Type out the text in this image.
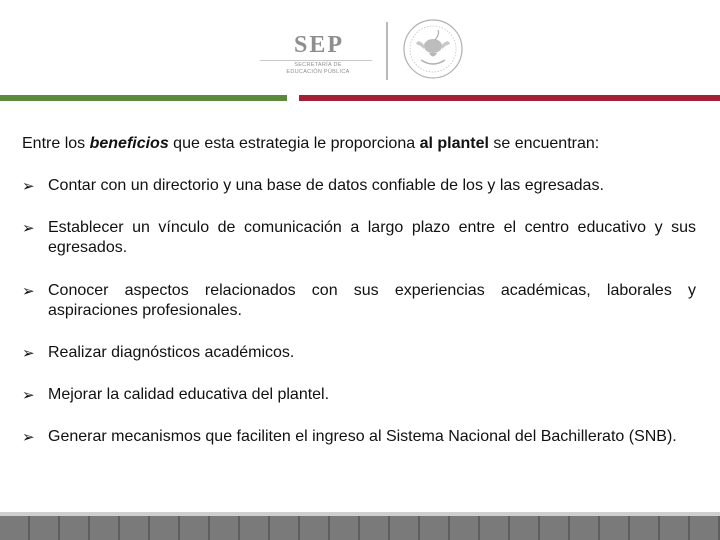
SEP
SECRETARÍA DE
EDUCACIÓN PÚBLICA

Entre los beneficios que esta estrategia le proporciona al plantel se encuentran:

➢ Contar con un directorio y una base de datos confiable de los y las egresadas.
➢ Establecer un vínculo de comunicación a largo plazo entre el centro educativo y sus egresados.
➢ Conocer aspectos relacionados con sus experiencias académicas, laborales y aspiraciones profesionales.
➢ Realizar diagnósticos académicos.
➢ Mejorar la calidad educativa del plantel.
➢ Generar mecanismos que faciliten el ingreso al Sistema Nacional del Bachillerato (SNB).
